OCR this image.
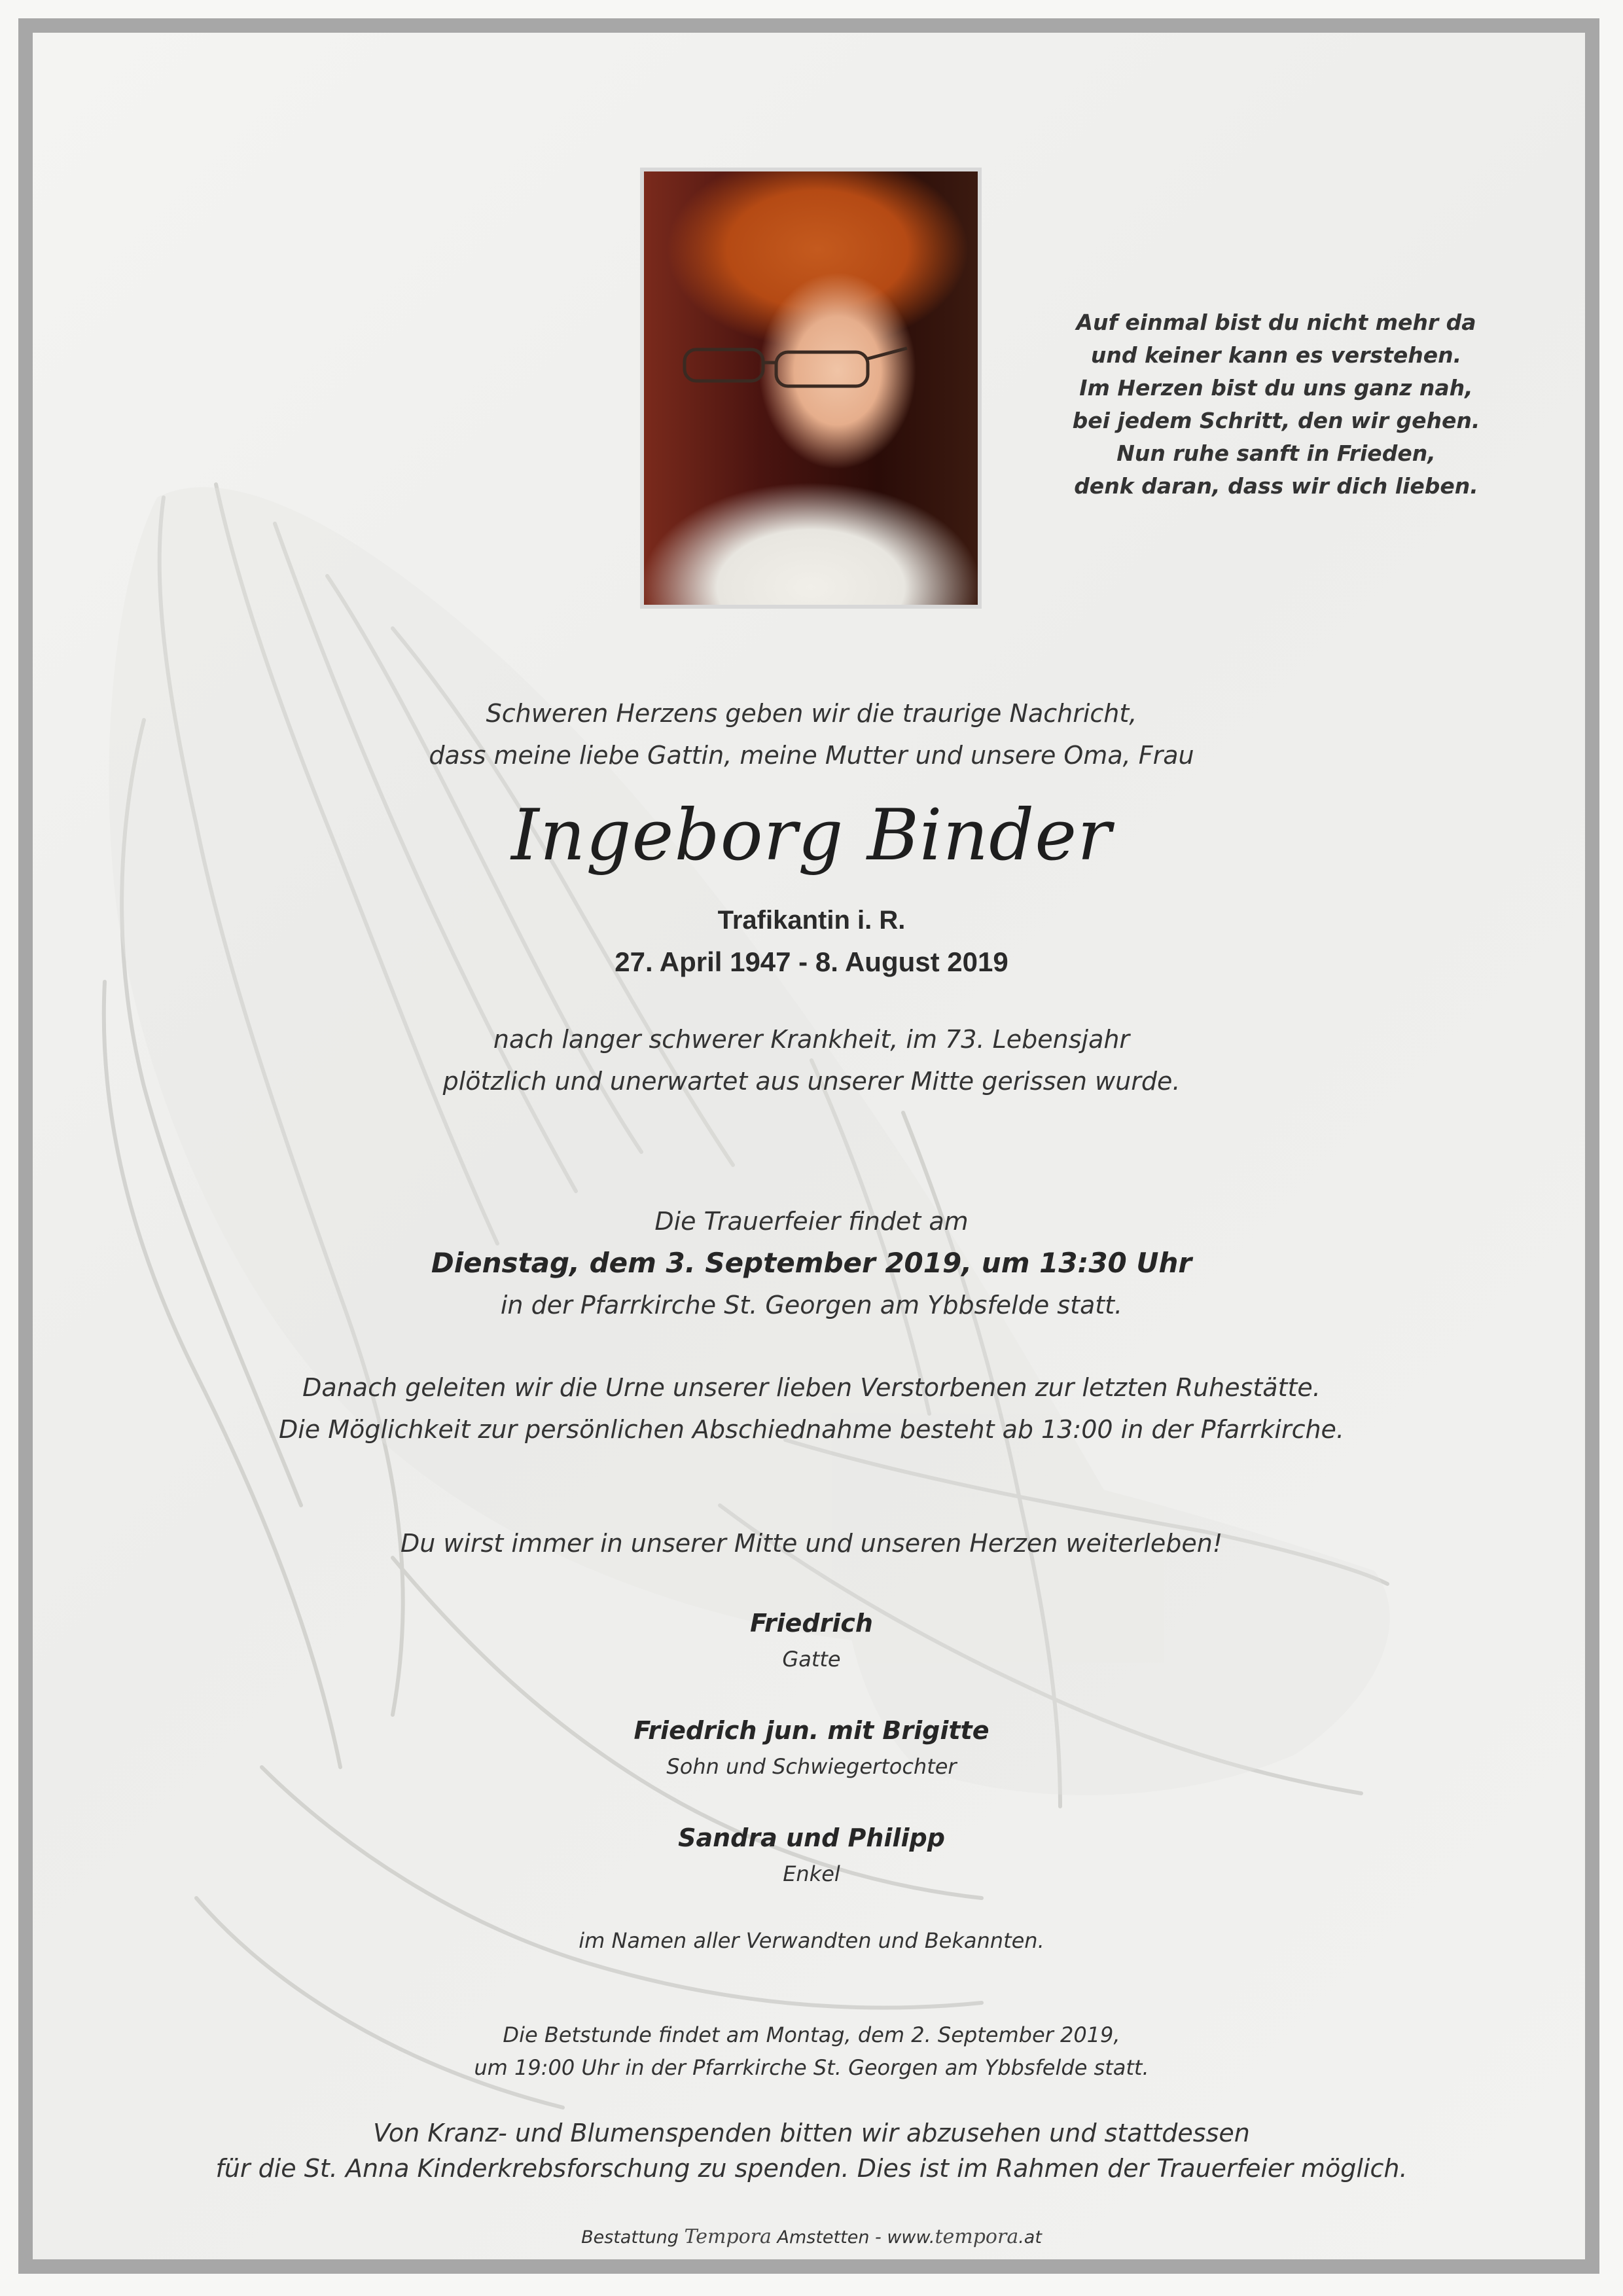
Auf einmal bist du nicht mehr da
und keiner kann es verstehen.
Im Herzen bist du uns ganz nah,
bei jedem Schritt, den wir gehen.
Nun ruhe sanft in Frieden,
denk daran, dass wir dich lieben.
Schweren Herzens geben wir die traurige Nachricht,
dass meine liebe Gattin, meine Mutter und unsere Oma, Frau
Ingeborg Binder
Trafikantin i. R.
27. April 1947 - 8. August 2019
nach langer schwerer Krankheit, im 73. Lebensjahr
plötzlich und unerwartet aus unserer Mitte gerissen wurde.
Die Trauerfeier findet am
Dienstag, dem 3. September 2019, um 13:30 Uhr
in der Pfarrkirche St. Georgen am Ybbsfelde statt.
Danach geleiten wir die Urne unserer lieben Verstorbenen zur letzten Ruhestätte.
Die Möglichkeit zur persönlichen Abschiednahme besteht ab 13:00 in der Pfarrkirche.
Du wirst immer in unserer Mitte und unseren Herzen weiterleben!
Friedrich
Gatte
Friedrich jun. mit Brigitte
Sohn und Schwiegertochter
Sandra und Philipp
Enkel
im Namen aller Verwandten und Bekannten.
Die Betstunde findet am Montag, dem 2. September 2019,
um 19:00 Uhr in der Pfarrkirche St. Georgen am Ybbsfelde statt.
Von Kranz- und Blumenspenden bitten wir abzusehen und stattdessen
für die St. Anna Kinderkrebsforschung zu spenden. Dies ist im Rahmen der Trauerfeier möglich.
Bestattung Tempora Amstetten - www.tempora.at
